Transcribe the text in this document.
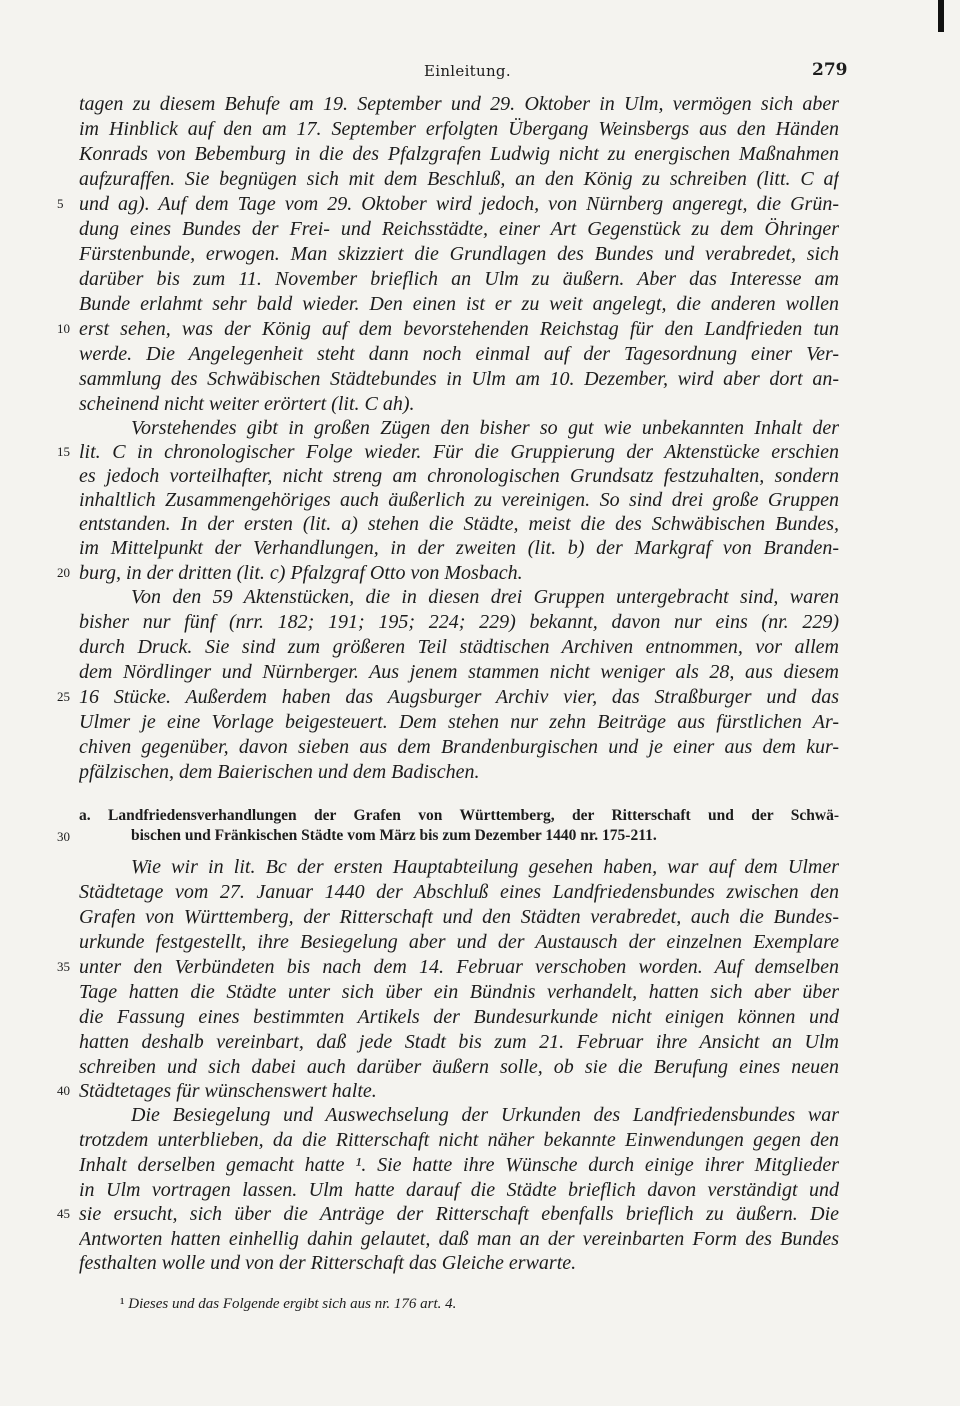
Einleitung.	279
tagen zu diesem Behufe am 19. September und 29. Oktober in Ulm, vermögen sich aber
im Hinblick auf den am 17. September erfolgten Übergang Weinsbergs aus den Händen
Konrads von Bebemburg in die des Pfalzgrafen Ludwig nicht zu energischen Maßnahmen
aufzuraffen. Sie begnügen sich mit dem Beschluß, an den König zu schreiben (litt. C af
und ag). Auf dem Tage vom 29. Oktober wird jedoch, von Nürnberg angeregt, die Grün-
dung eines Bundes der Frei- und Reichsstädte, einer Art Gegenstück zu dem Öhringer
Fürstenbunde, erwogen. Man skizziert die Grundlagen des Bundes und verabredet, sich
darüber bis zum 11. November brieflich an Ulm zu äußern. Aber das Interesse am
Bunde erlahmt sehr bald wieder. Den einen ist er zu weit angelegt, die anderen wollen
erst sehen, was der König auf dem bevorstehenden Reichstag für den Landfrieden tun
werde. Die Angelegenheit steht dann noch einmal auf der Tagesordnung einer Ver-
sammlung des Schwäbischen Städtebundes in Ulm am 10. Dezember, wird aber dort an-
scheinend nicht weiter erörtert (lit. C ah).
Vorstehendes gibt in großen Zügen den bisher so gut wie unbekannten Inhalt der
lit. C in chronologischer Folge wieder. Für die Gruppierung der Aktenstücke erschien
es jedoch vorteilhafter, nicht streng am chronologischen Grundsatz festzuhalten, sondern
inhaltlich Zusammengehöriges auch äußerlich zu vereinigen. So sind drei große Gruppen
entstanden. In der ersten (lit. a) stehen die Städte, meist die des Schwäbischen Bundes,
im Mittelpunkt der Verhandlungen, in der zweiten (lit. b) der Markgraf von Branden-
burg, in der dritten (lit. c) Pfalzgraf Otto von Mosbach.
Von den 59 Aktenstücken, die in diesen drei Gruppen untergebracht sind, waren
bisher nur fünf (nrr. 182; 191; 195; 224; 229) bekannt, davon nur eins (nr. 229)
durch Druck. Sie sind zum größeren Teil städtischen Archiven entnommen, vor allem
dem Nördlinger und Nürnberger. Aus jenem stammen nicht weniger als 28, aus diesem
16 Stücke. Außerdem haben das Augsburger Archiv vier, das Straßburger und das
Ulmer je eine Vorlage beigesteuert. Dem stehen nur zehn Beiträge aus fürstlichen Ar-
chiven gegenüber, davon sieben aus dem Brandenburgischen und je einer aus dem kur-
pfälzischen, dem Baierischen und dem Badischen.
a. Landfriedensverhandlungen der Grafen von Württemberg, der Ritterschaft und der Schwä-
bischen und Fränkischen Städte vom März bis zum Dezember 1440 nr. 175-211.
Wie wir in lit. Bc der ersten Hauptabteilung gesehen haben, war auf dem Ulmer
Städtetage vom 27. Januar 1440 der Abschluß eines Landfriedensbundes zwischen den
Grafen von Württemberg, der Ritterschaft und den Städten verabredet, auch die Bundes-
urkunde festgestellt, ihre Besiegelung aber und der Austausch der einzelnen Exemplare
unter den Verbündeten bis nach dem 14. Februar verschoben worden. Auf demselben
Tage hatten die Städte unter sich über ein Bündnis verhandelt, hatten sich aber über
die Fassung eines bestimmten Artikels der Bundesurkunde nicht einigen können und
hatten deshalb vereinbart, daß jede Stadt bis zum 21. Februar ihre Ansicht an Ulm
schreiben und sich dabei auch darüber äußern solle, ob sie die Berufung eines neuen
Städtetages für wünschenswert halte.
Die Besiegelung und Auswechselung der Urkunden des Landfriedensbundes war
trotzdem unterblieben, da die Ritterschaft nicht näher bekannte Einwendungen gegen den
Inhalt derselben gemacht hatte ¹. Sie hatte ihre Wünsche durch einige ihrer Mitglieder
in Ulm vortragen lassen. Ulm hatte darauf die Städte brieflich davon verständigt und
sie ersucht, sich über die Anträge der Ritterschaft ebenfalls brieflich zu äußern. Die
Antworten hatten einhellig dahin gelautet, daß man an der vereinbarten Form des Bundes
festhalten wolle und von der Ritterschaft das Gleiche erwarte.
5
10
15
20
25
30
35
40
45
¹ Dieses und das Folgende ergibt sich aus nr. 176 art. 4.
